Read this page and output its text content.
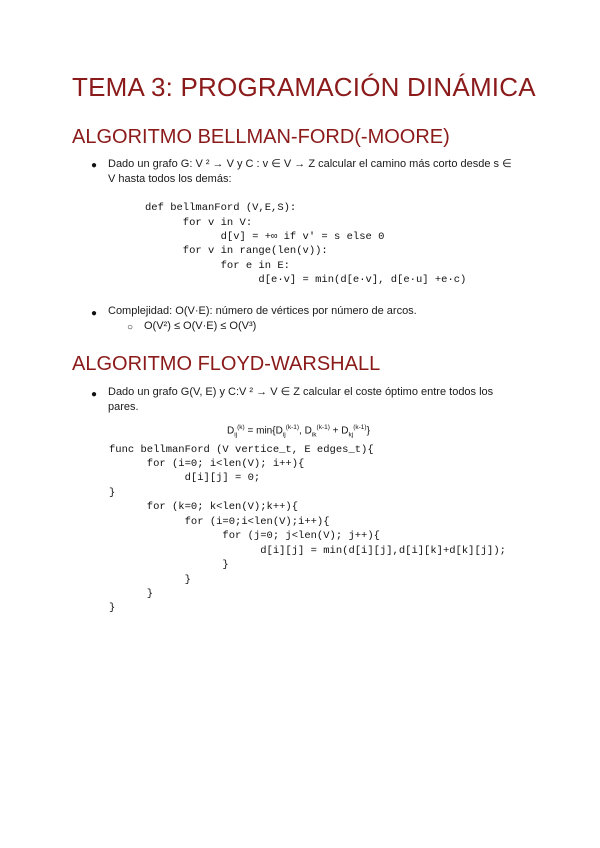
TEMA 3: PROGRAMACIÓN DINÁMICA
ALGORITMO BELLMAN-FORD(-MOORE)
● Dado un grafo G: V ² → V y C : v ∈ V → Z calcular el camino más corto desde s ∈
V hasta todos los demás:
def bellmanFord (V,E,S):
for v in V:
d[v] = +∞ if v′ = s else 0
for v in range(len(v)):
for e in E:
d[e·v] = min(d[e·v], d[e·u] +e·c)
● Complejidad: O(V·E): número de vértices por número de arcos.
○ O(V²) ≤ O(V·E) ≤ O(V³)
ALGORITMO FLOYD-WARSHALL
● Dado un grafo G(V, E) y C:V ² → V ∈ Z calcular el coste óptimo entre todos los
pares.

$D_{ij}^{(k)} = \min\{D_{ij}^{(k-1)}$, $D_{ik}^{(k-1)} + D_{kj}^{(k-1)}$}

func bellmanFord (V vertice_t, E edges_t){
for (i=0; i<len(V); i++){
d[i][j] = 0;
}
for (k=0; k<len(V);k++){
for (i=0;i<len(V);i++){
for (j=0; j<len(V); j++){
d[i][j] = min(d[i][j],d[i][k]+d[k][j]);
}
}
}
}
